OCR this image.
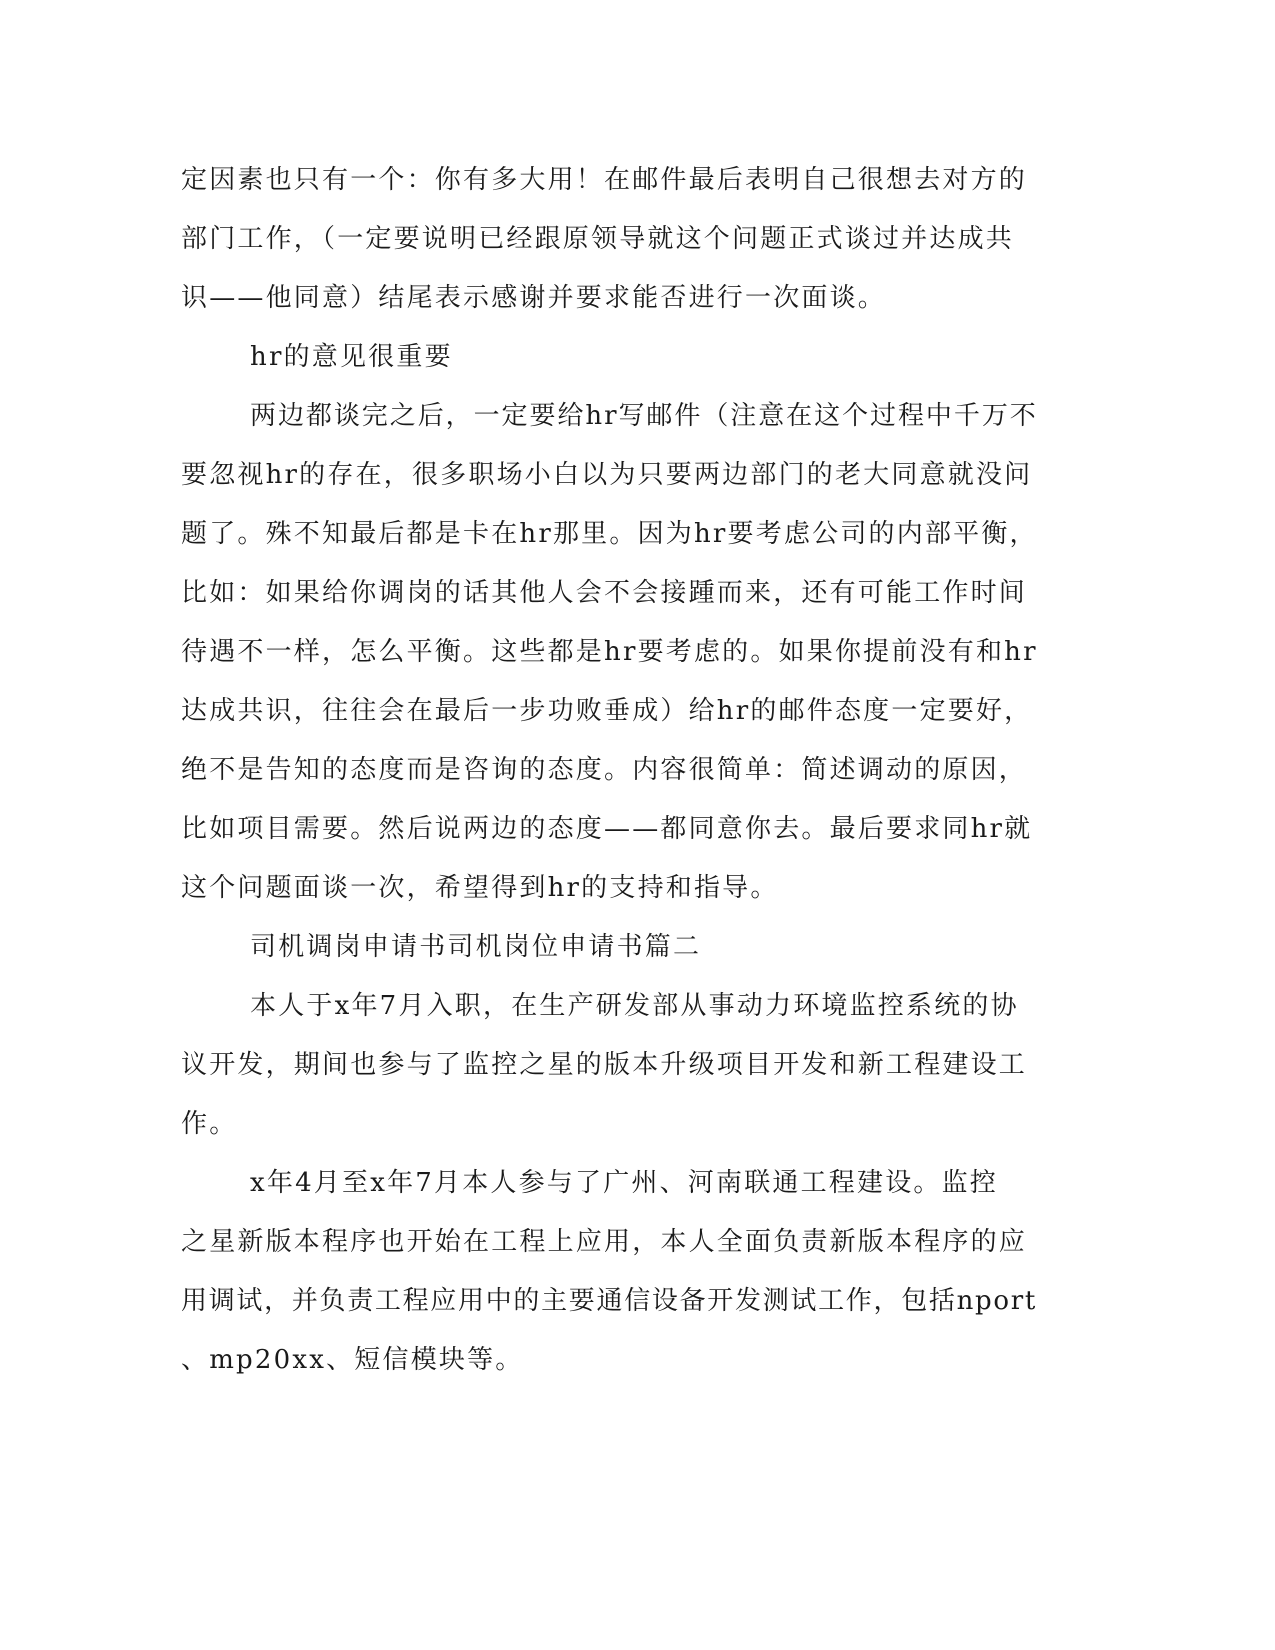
定因素也只有一个：你有多大用！在邮件最后表明自己很想去对方的

部门工作，（一定要说明已经跟原领导就这个问题正式谈过并达成共

识——他同意）结尾表示感谢并要求能否进行一次面谈。

hr的意见很重要

两边都谈完之后，一定要给hr写邮件（注意在这个过程中千万不

要忽视hr的存在，很多职场小白以为只要两边部门的老大同意就没问

题了。殊不知最后都是卡在hr那里。因为hr要考虑公司的内部平衡，

比如：如果给你调岗的话其他人会不会接踵而来，还有可能工作时间

待遇不一样，怎么平衡。这些都是hr要考虑的。如果你提前没有和hr

达成共识，往往会在最后一步功败垂成）给hr的邮件态度一定要好，

绝不是告知的态度而是咨询的态度。内容很简单：简述调动的原因，

比如项目需要。然后说两边的态度——都同意你去。最后要求同hr就

这个问题面谈一次，希望得到hr的支持和指导。

司机调岗申请书司机岗位申请书篇二

本人于x年7月入职，在生产研发部从事动力环境监控系统的协

议开发，期间也参与了监控之星的版本升级项目开发和新工程建设工

作。

x年4月至x年7月本人参与了广州、河南联通工程建设。监控

之星新版本程序也开始在工程上应用，本人全面负责新版本程序的应

用调试，并负责工程应用中的主要通信设备开发测试工作，包括nport

、mp20xx、短信模块等。
